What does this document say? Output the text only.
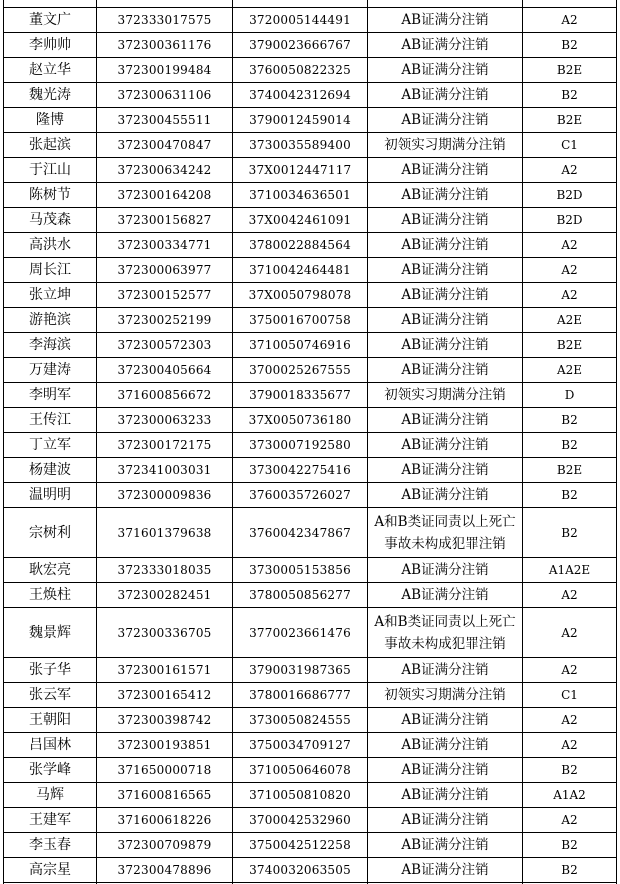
董文广	372333017575	3720005144491	AB证满分注销	A2
李帅帅	372300361176	3790023666767	AB证满分注销	B2
赵立华	372300199484	3760050822325	AB证满分注销	B2E
魏光涛	372300631106	3740042312694	AB证满分注销	B2
隆博	372300455511	3790012459014	AB证满分注销	B2E
张起滨	372300470847	3730035589400	初领实习期满分注销	C1
于江山	372300634242	37X0012447117	AB证满分注销	A2
陈树节	372300164208	3710034636501	AB证满分注销	B2D
马茂森	372300156827	37X0042461091	AB证满分注销	B2D
高洪水	372300334771	3780022884564	AB证满分注销	A2
周长江	372300063977	3710042464481	AB证满分注销	A2
张立坤	372300152577	37X0050798078	AB证满分注销	A2
游艳滨	372300252199	3750016700758	AB证满分注销	A2E
李海滨	372300572303	3710050746916	AB证满分注销	B2E
万建涛	372300405664	3700025267555	AB证满分注销	A2E
李明军	371600856672	3790018335677	初领实习期满分注销	D
王传江	372300063233	37X0050736180	AB证满分注销	B2
丁立军	372300172175	3730007192580	AB证满分注销	B2
杨建波	372341003031	3730042275416	AB证满分注销	B2E
温明明	372300009836	3760035726027	AB证满分注销	B2
宗树利	371601379638	3760042347867	A和B类证同责以上死亡事故未构成犯罪注销	B2
耿宏亮	372333018035	3730005153856	AB证满分注销	A1A2E
王焕柱	372300282451	3780050856277	AB证满分注销	A2
魏景辉	372300336705	3770023661476	A和B类证同责以上死亡事故未构成犯罪注销	A2
张子华	372300161571	3790031987365	AB证满分注销	A2
张云军	372300165412	3780016686777	初领实习期满分注销	C1
王朝阳	372300398742	3730050824555	AB证满分注销	A2
吕国林	372300193851	3750034709127	AB证满分注销	A2
张学峰	371650000718	3710050646078	AB证满分注销	B2
马辉	371600816565	3710050810820	AB证满分注销	A1A2
王建军	371600618226	3700042532960	AB证满分注销	A2
李玉春	372300709879	3750042512258	AB证满分注销	B2
高宗星	372300478896	3740032063505	AB证满分注销	B2
